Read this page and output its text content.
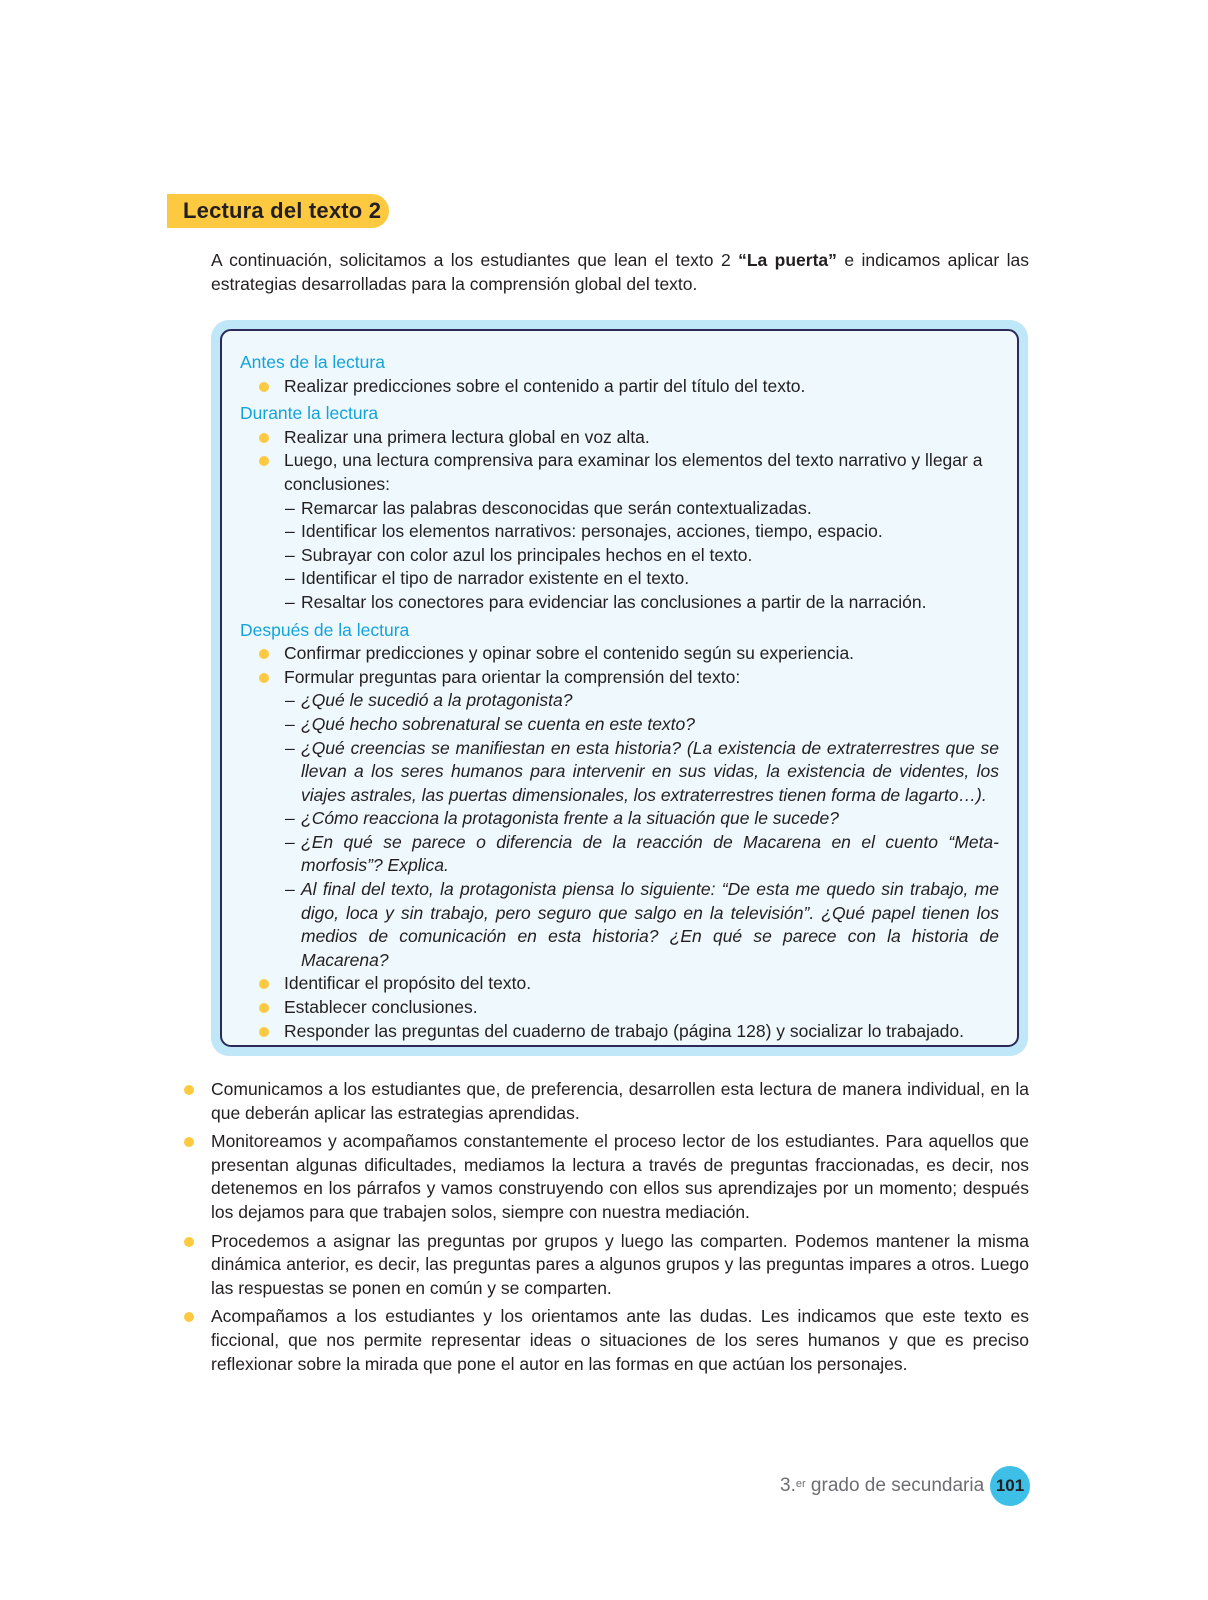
Lectura del texto 2

A continuación, solicitamos a los estudiantes que lean el texto 2 “La puerta” e indicamos aplicar las estrategias desarrolladas para la comprensión global del texto.

Antes de la lectura

Realizar predicciones sobre el contenido a partir del título del texto.

Durante la lectura

Realizar una primera lectura global en voz alta.
Luego, una lectura comprensiva para examinar los elementos del texto narrativo y llegar a conclusiones:
– Remarcar las palabras desconocidas que serán contextualizadas.
– Identificar los elementos narrativos: personajes, acciones, tiempo, espacio.
– Subrayar con color azul los principales hechos en el texto.
– Identificar el tipo de narrador existente en el texto.
– Resaltar los conectores para evidenciar las conclusiones a partir de la narración.

Después de la lectura

Confirmar predicciones y opinar sobre el contenido según su experiencia.
Formular preguntas para orientar la comprensión del texto:
– ¿Qué le sucedió a la protagonista?
– ¿Qué hecho sobrenatural se cuenta en este texto?
– ¿Qué creencias se manifiestan en esta historia? (La existencia de extraterrestres que se llevan a los seres humanos para intervenir en sus vidas, la existencia de videntes, los viajes astrales, las puertas dimensionales, los extraterrestres tienen forma de lagarto…).
– ¿Cómo reacciona la protagonista frente a la situación que le sucede?
– ¿En qué se parece o diferencia de la reacción de Macarena en el cuento “Meta-morfosis”? Explica.
– Al final del texto, la protagonista piensa lo siguiente: “De esta me quedo sin trabajo, me digo, loca y sin trabajo, pero seguro que salgo en la televisión”. ¿Qué papel tienen los medios de comunicación en esta historia? ¿En qué se parece con la historia de Macarena?
Identificar el propósito del texto.
Establecer conclusiones.
Responder las preguntas del cuaderno de trabajo (página 128) y socializar lo trabajado.
Comunicamos a los estudiantes que, de preferencia, desarrollen esta lectura de manera individual, en la que deberán aplicar las estrategias aprendidas.
Monitoreamos y acompañamos constantemente el proceso lector de los estudiantes. Para aquellos que presentan algunas dificultades, mediamos la lectura a través de preguntas fraccionadas, es decir, nos detenemos en los párrafos y vamos construyendo con ellos sus aprendizajes por un momento; después los dejamos para que trabajen solos, siempre con nuestra mediación.
Procedemos a asignar las preguntas por grupos y luego las comparten. Podemos mantener la misma dinámica anterior, es decir, las preguntas pares a algunos grupos y las preguntas impares a otros. Luego las respuestas se ponen en común y se comparten.
Acompañamos a los estudiantes y los orientamos ante las dudas. Les indicamos que este texto es ficcional, que nos permite representar ideas o situaciones de los seres humanos y que es preciso reflexionar sobre la mirada que pone el autor en las formas en que actúan los personajes.
3.$^{er}$ grado de secundaria 101
